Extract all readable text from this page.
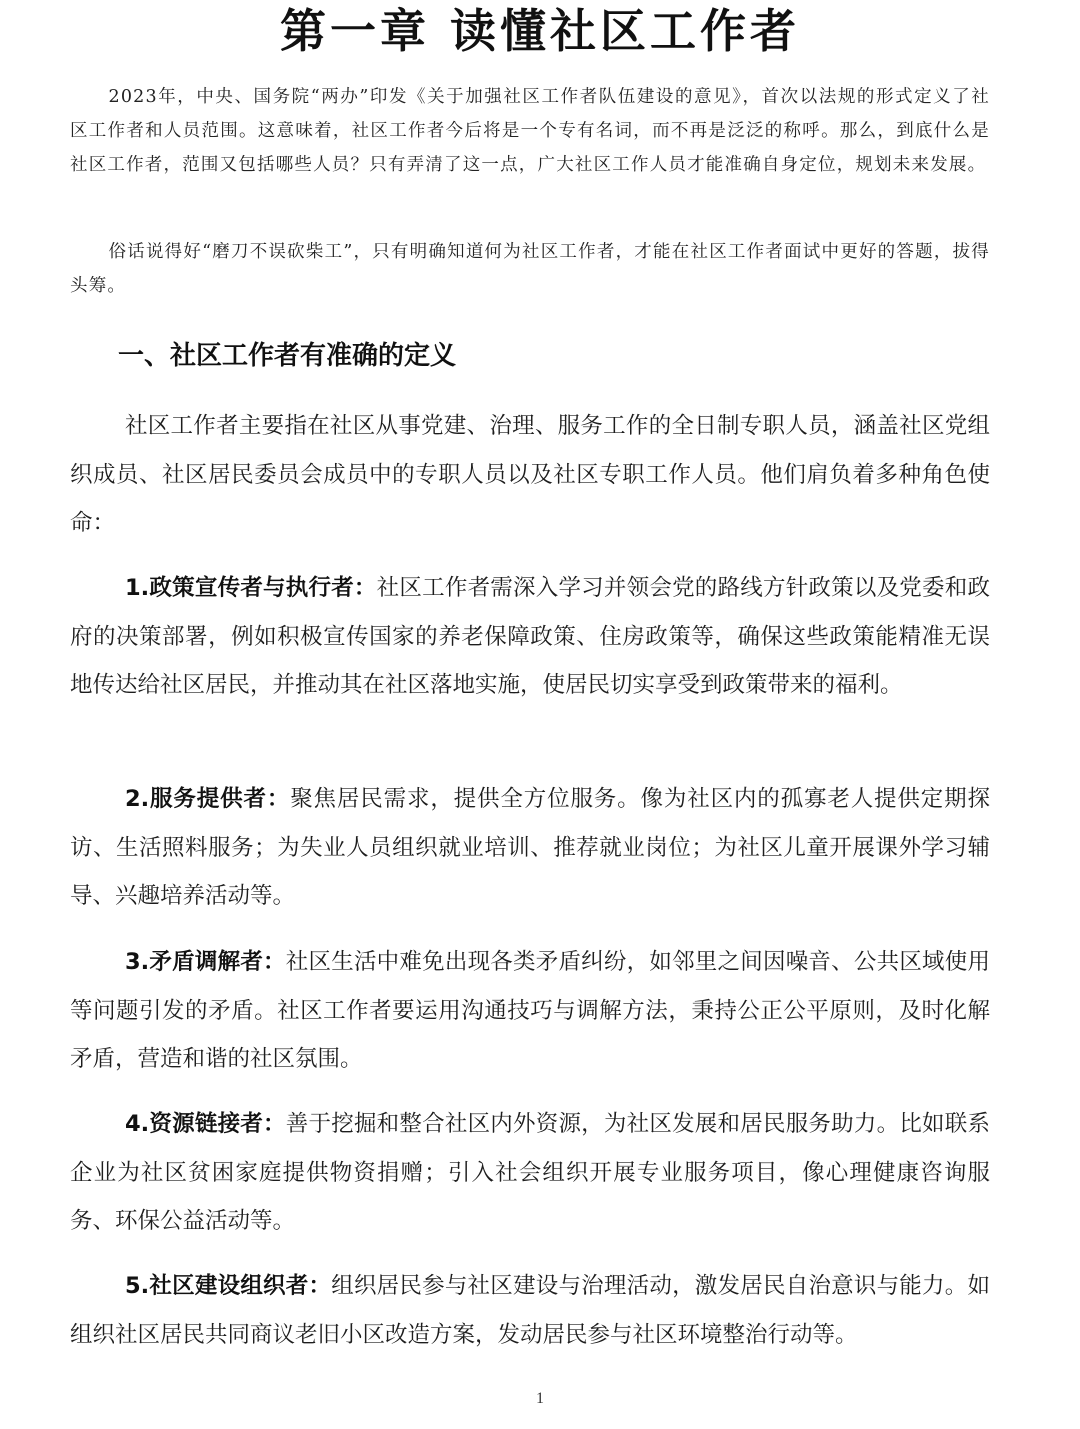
第一章 读懂社区工作者

2023年，中央、国务院“两办”印发《关于加强社区工作者队伍建设的意见》，首次以法规的形式定义了社区工作者和人员范围。这意味着，社区工作者今后将是一个专有名词，而不再是泛泛的称呼。那么，到底什么是社区工作者，范围又包括哪些人员？只有弄清了这一点，广大社区工作人员才能准确自身定位，规划未来发展。

俗话说得好“磨刀不误砍柴工”，只有明确知道何为社区工作者，才能在社区工作者面试中更好的答题，拔得头筹。

一、社区工作者有准确的定义

社区工作者主要指在社区从事党建、治理、服务工作的全日制专职人员，涵盖社区党组织成员、社区居民委员会成员中的专职人员以及社区专职工作人员。他们肩负着多种角色使命：

1.政策宣传者与执行者：社区工作者需深入学习并领会党的路线方针政策以及党委和政府的决策部署，例如积极宣传国家的养老保障政策、住房政策等，确保这些政策能精准无误地传达给社区居民，并推动其在社区落地实施，使居民切实享受到政策带来的福利。

2.服务提供者：聚焦居民需求，提供全方位服务。像为社区内的孤寡老人提供定期探访、生活照料服务；为失业人员组织就业培训、推荐就业岗位；为社区儿童开展课外学习辅导、兴趣培养活动等。

3.矛盾调解者：社区生活中难免出现各类矛盾纠纷，如邻里之间因噪音、公共区域使用等问题引发的矛盾。社区工作者要运用沟通技巧与调解方法，秉持公正公平原则，及时化解矛盾，营造和谐的社区氛围。

4.资源链接者：善于挖掘和整合社区内外资源，为社区发展和居民服务助力。比如联系企业为社区贫困家庭提供物资捐赠；引入社会组织开展专业服务项目，像心理健康咨询服务、环保公益活动等。

5.社区建设组织者：组织居民参与社区建设与治理活动，激发居民自治意识与能力。如组织社区居民共同商议老旧小区改造方案，发动居民参与社区环境整治行动等。

1
